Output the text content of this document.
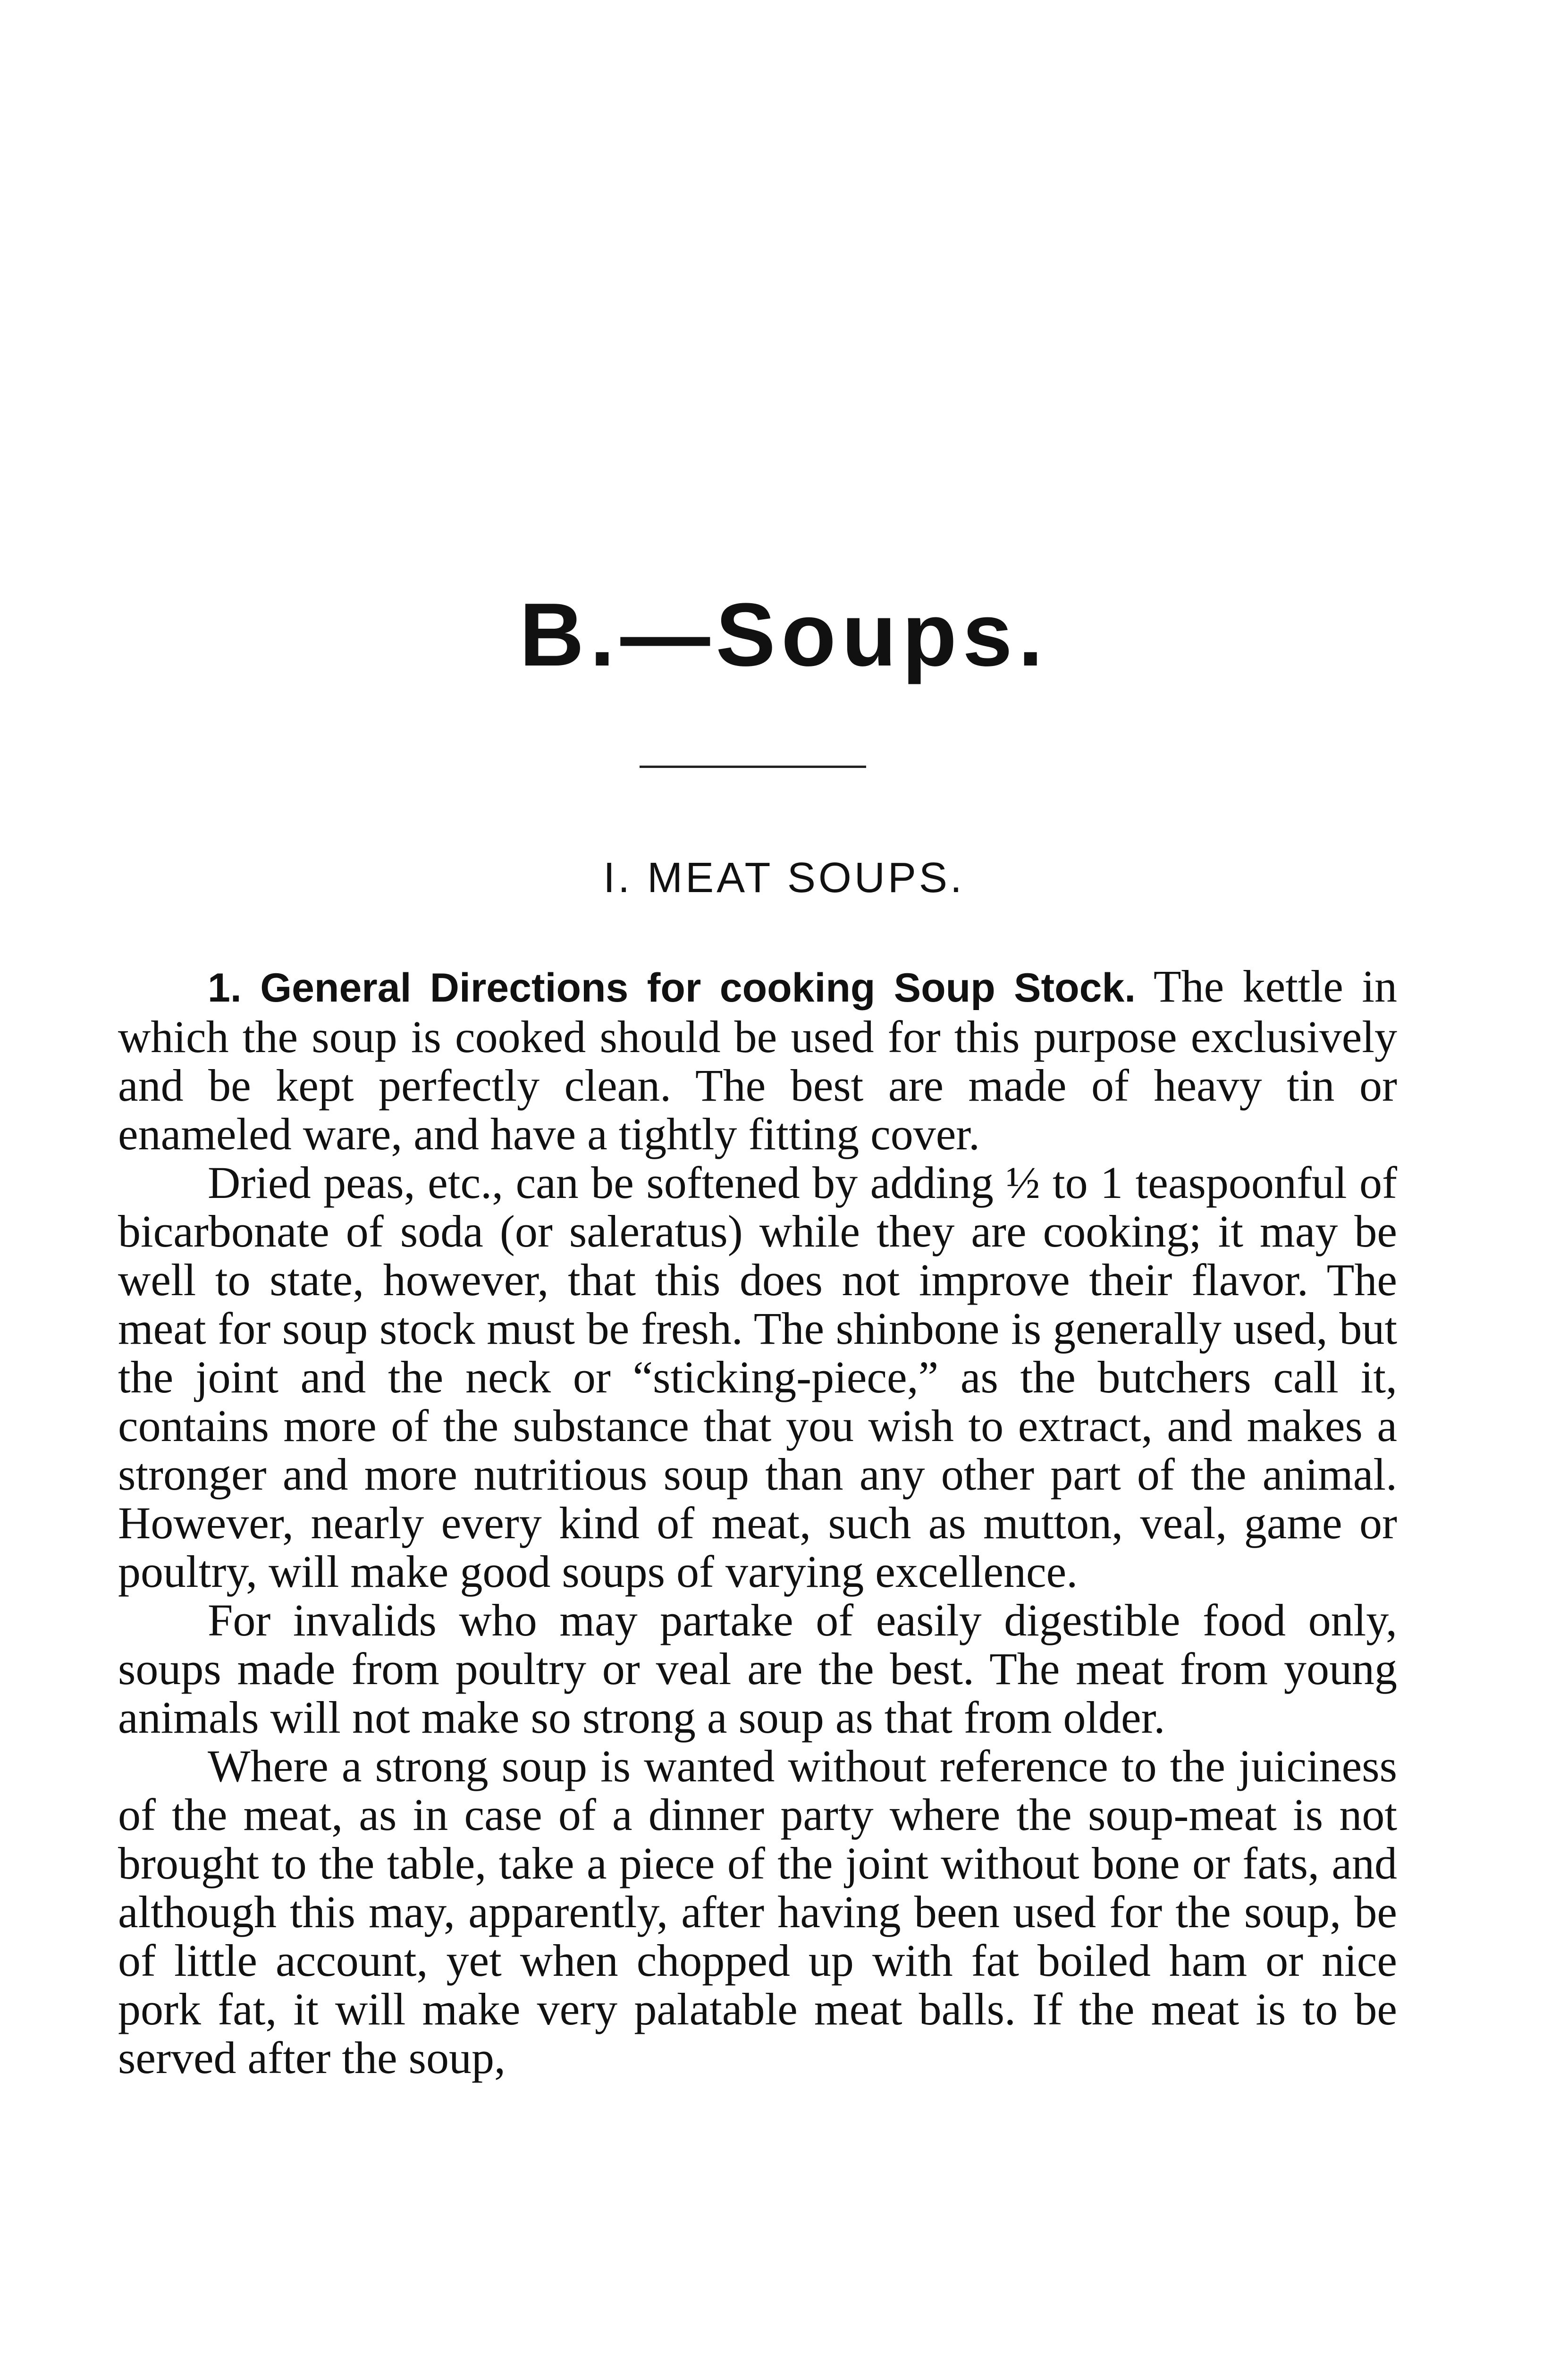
B.—Soups.
I. MEAT SOUPS.

1. General Directions for cooking Soup Stock. The kettle in which the soup is cooked should be used for this purpose exclusively and be kept perfectly clean. The best are made of heavy tin or enameled ware, and have a tightly fitting cover.

Dried peas, etc., can be softened by adding ½ to 1 teaspoonful of bicarbonate of soda (or saleratus) while they are cooking; it may be well to state, however, that this does not improve their flavor. The meat for soup stock must be fresh. The shinbone is generally used, but the joint and the neck or “sticking-piece,” as the butchers call it, contains more of the substance that you wish to extract, and makes a stronger and more nutritious soup than any other part of the animal. However, nearly every kind of meat, such as mutton, veal, game or poultry, will make good soups of varying excellence.

For invalids who may partake of easily digestible food only, soups made from poultry or veal are the best. The meat from young animals will not make so strong a soup as that from older.

Where a strong soup is wanted without reference to the juiciness of the meat, as in case of a dinner party where the soup-meat is not brought to the table, take a piece of the joint without bone or fats, and although this may, apparently, after having been used for the soup, be of little account, yet when chopped up with fat boiled ham or nice pork fat, it will make very palatable meat balls. If the meat is to be served after the soup,
